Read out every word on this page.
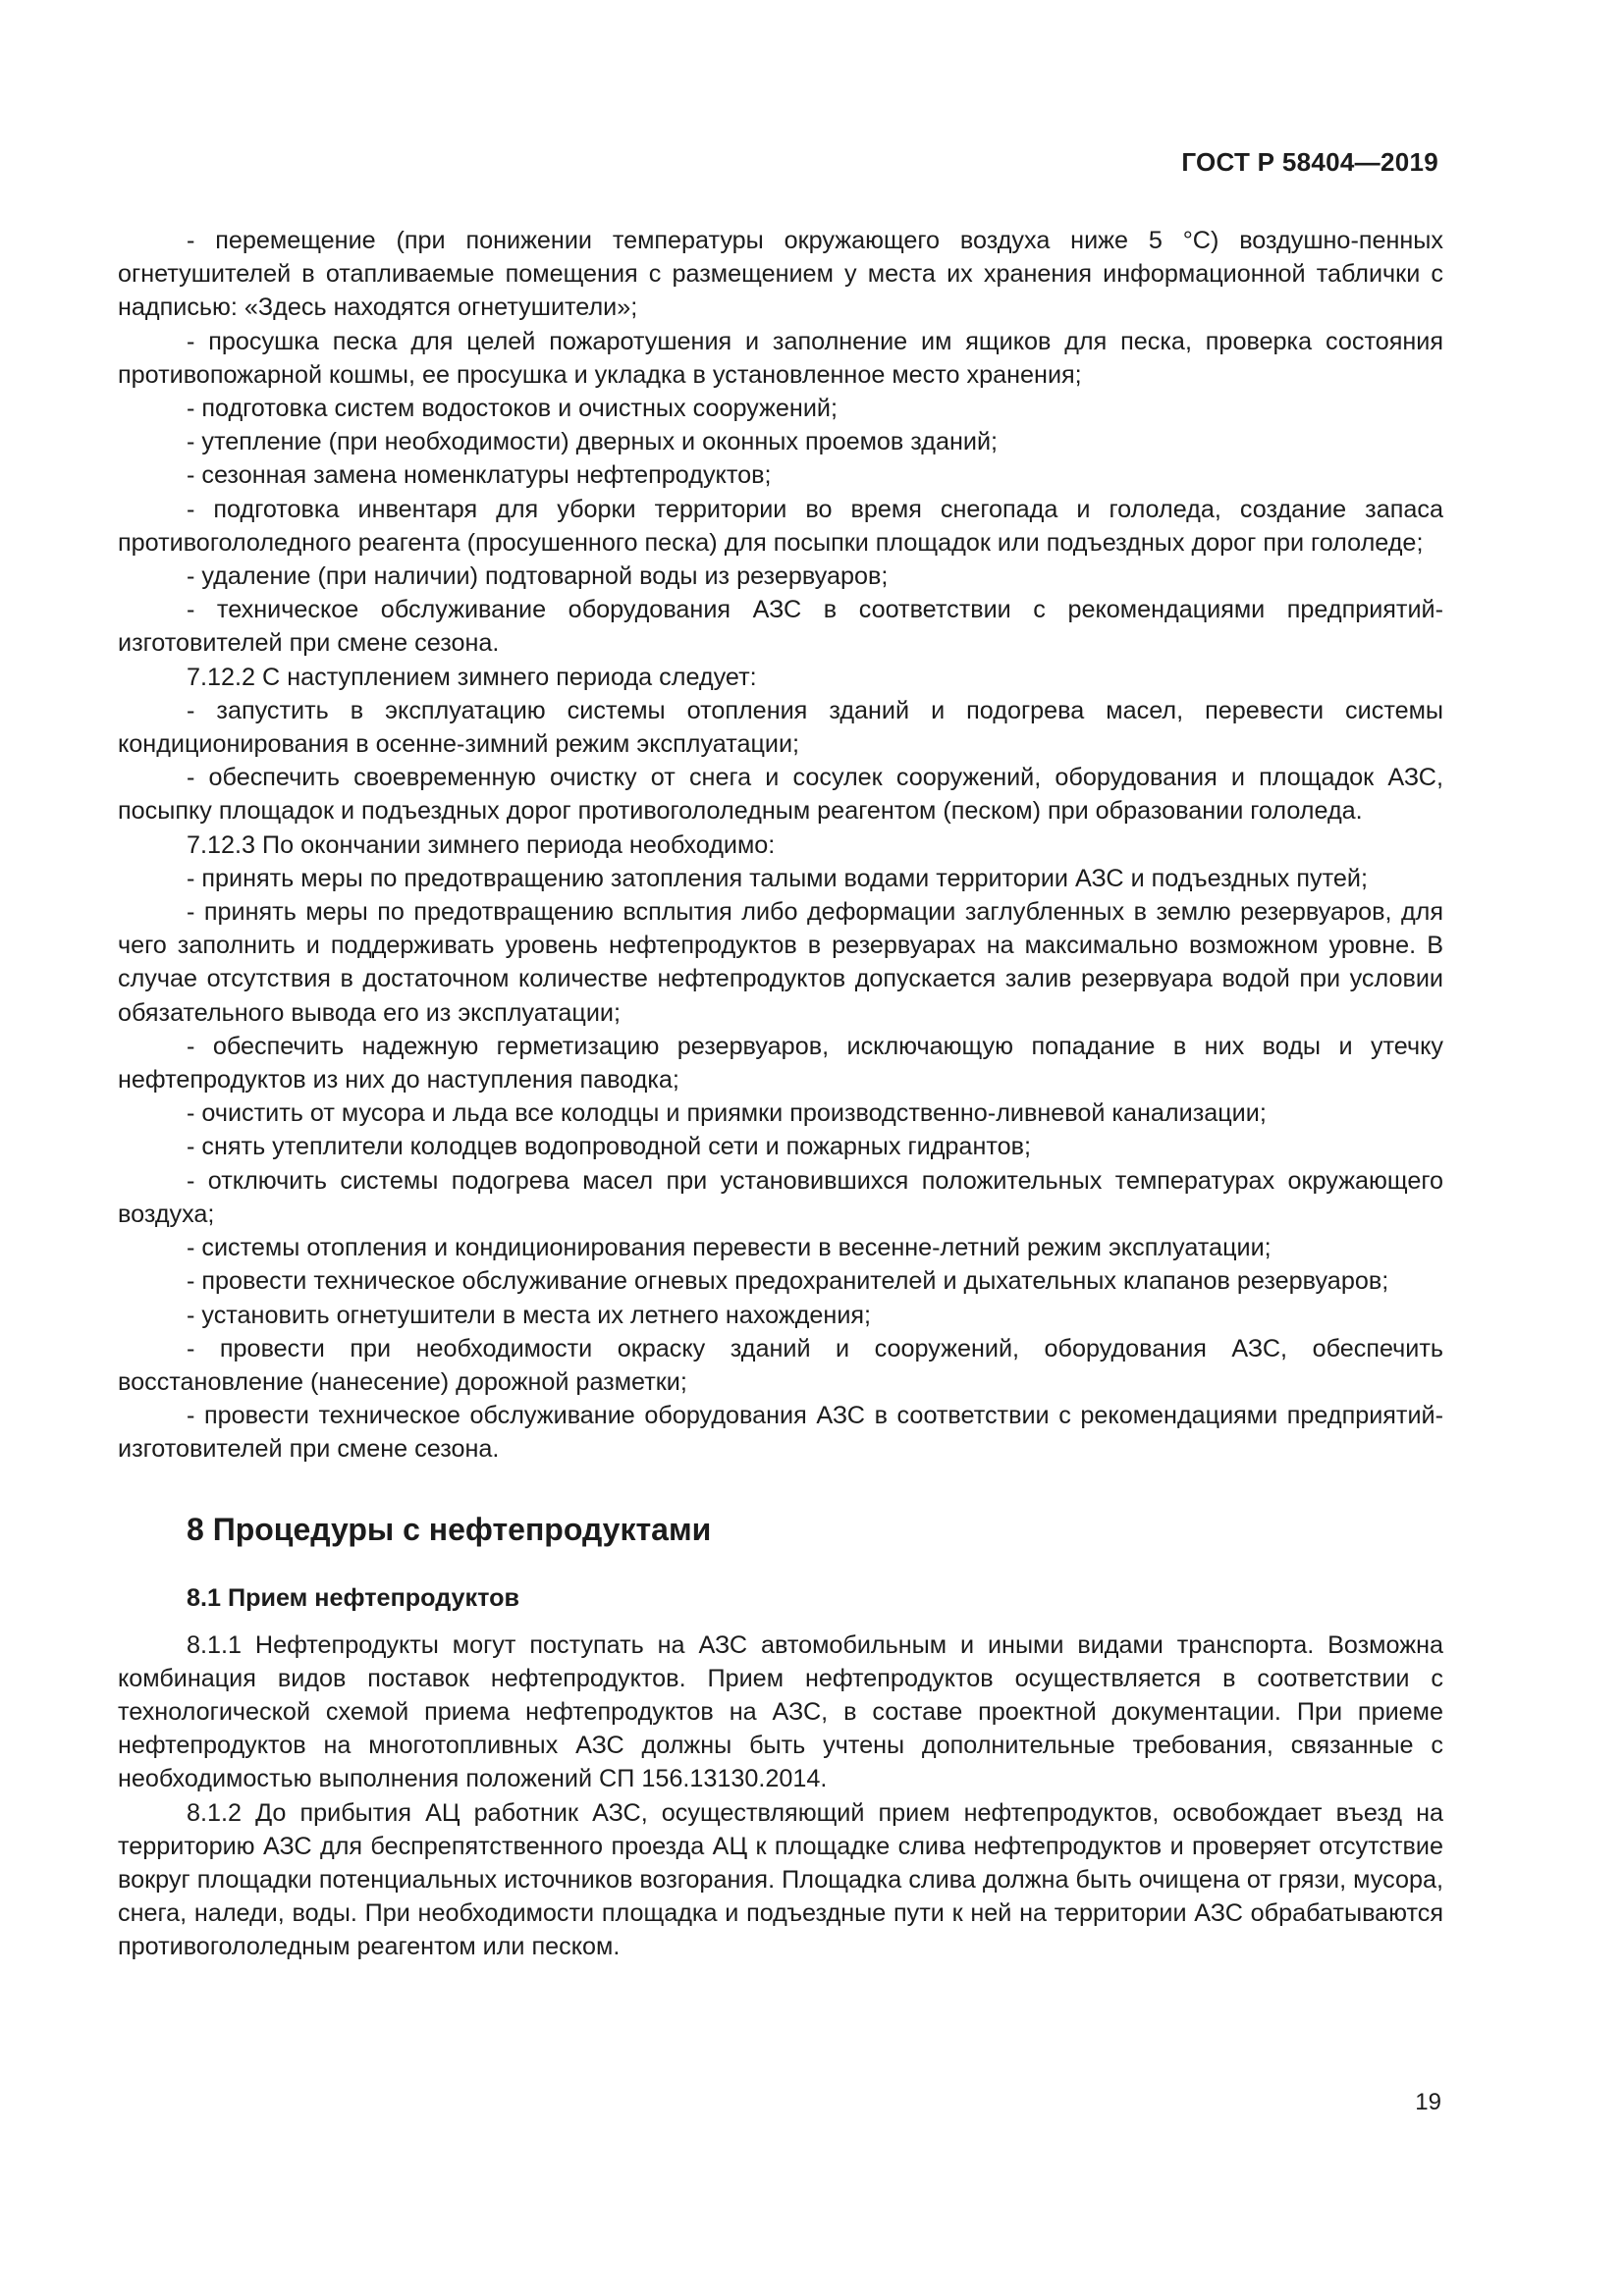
ГОСТ Р 58404—2019

- перемещение (при понижении температуры окружающего воздуха ниже 5 °С) воздушно-пенных огнетушителей в отапливаемые помещения с размещением у места их хранения информационной таблички с надписью: «Здесь находятся огнетушители»;

- просушка песка для целей пожаротушения и заполнение им ящиков для песка, проверка состояния противопожарной кошмы, ее просушка и укладка в установленное место хранения;

- подготовка систем водостоков и очистных сооружений;

- утепление (при необходимости) дверных и оконных проемов зданий;

- сезонная замена номенклатуры нефтепродуктов;

- подготовка инвентаря для уборки территории во время снегопада и гололеда, создание запаса противогололедного реагента (просушенного песка) для посыпки площадок или подъездных дорог при гололеде;

- удаление (при наличии) подтоварной воды из резервуаров;

- техническое обслуживание оборудования АЗС в соответствии с рекомендациями предприятий-изготовителей при смене сезона.

7.12.2 С наступлением зимнего периода следует:

- запустить в эксплуатацию системы отопления зданий и подогрева масел, перевести системы кондиционирования в осенне-зимний режим эксплуатации;

- обеспечить своевременную очистку от снега и сосулек сооружений, оборудования и площадок АЗС, посыпку площадок и подъездных дорог противогололедным реагентом (песком) при образовании гололеда.

7.12.3 По окончании зимнего периода необходимо:

- принять меры по предотвращению затопления талыми водами территории АЗС и подъездных путей;

- принять меры по предотвращению всплытия либо деформации заглубленных в землю резервуаров, для чего заполнить и поддерживать уровень нефтепродуктов в резервуарах на максимально возможном уровне. В случае отсутствия в достаточном количестве нефтепродуктов допускается залив резервуара водой при условии обязательного вывода его из эксплуатации;

- обеспечить надежную герметизацию резервуаров, исключающую попадание в них воды и утечку нефтепродуктов из них до наступления паводка;

- очистить от мусора и льда все колодцы и приямки производственно-ливневой канализации;

- снять утеплители колодцев водопроводной сети и пожарных гидрантов;

- отключить системы подогрева масел при установившихся положительных температурах окружающего воздуха;

- системы отопления и кондиционирования перевести в весенне-летний режим эксплуатации;

- провести техническое обслуживание огневых предохранителей и дыхательных клапанов резервуаров;

- установить огнетушители в места их летнего нахождения;

- провести при необходимости окраску зданий и сооружений, оборудования АЗС, обеспечить восстановление (нанесение) дорожной разметки;

- провести техническое обслуживание оборудования АЗС в соответствии с рекомендациями предприятий-изготовителей при смене сезона.

8 Процедуры с нефтепродуктами
8.1 Прием нефтепродуктов

8.1.1 Нефтепродукты могут поступать на АЗС автомобильным и иными видами транспорта. Возможна комбинация видов поставок нефтепродуктов. Прием нефтепродуктов осуществляется в соответствии с технологической схемой приема нефтепродуктов на АЗС, в составе проектной документации. При приеме нефтепродуктов на многотопливных АЗС должны быть учтены дополнительные требования, связанные с необходимостью выполнения положений СП 156.13130.2014.

8.1.2 До прибытия АЦ работник АЗС, осуществляющий прием нефтепродуктов, освобождает въезд на территорию АЗС для беспрепятственного проезда АЦ к площадке слива нефтепродуктов и проверяет отсутствие вокруг площадки потенциальных источников возгорания. Площадка слива должна быть очищена от грязи, мусора, снега, наледи, воды. При необходимости площадка и подъездные пути к ней на территории АЗС обрабатываются противогололедным реагентом или песком.

19
